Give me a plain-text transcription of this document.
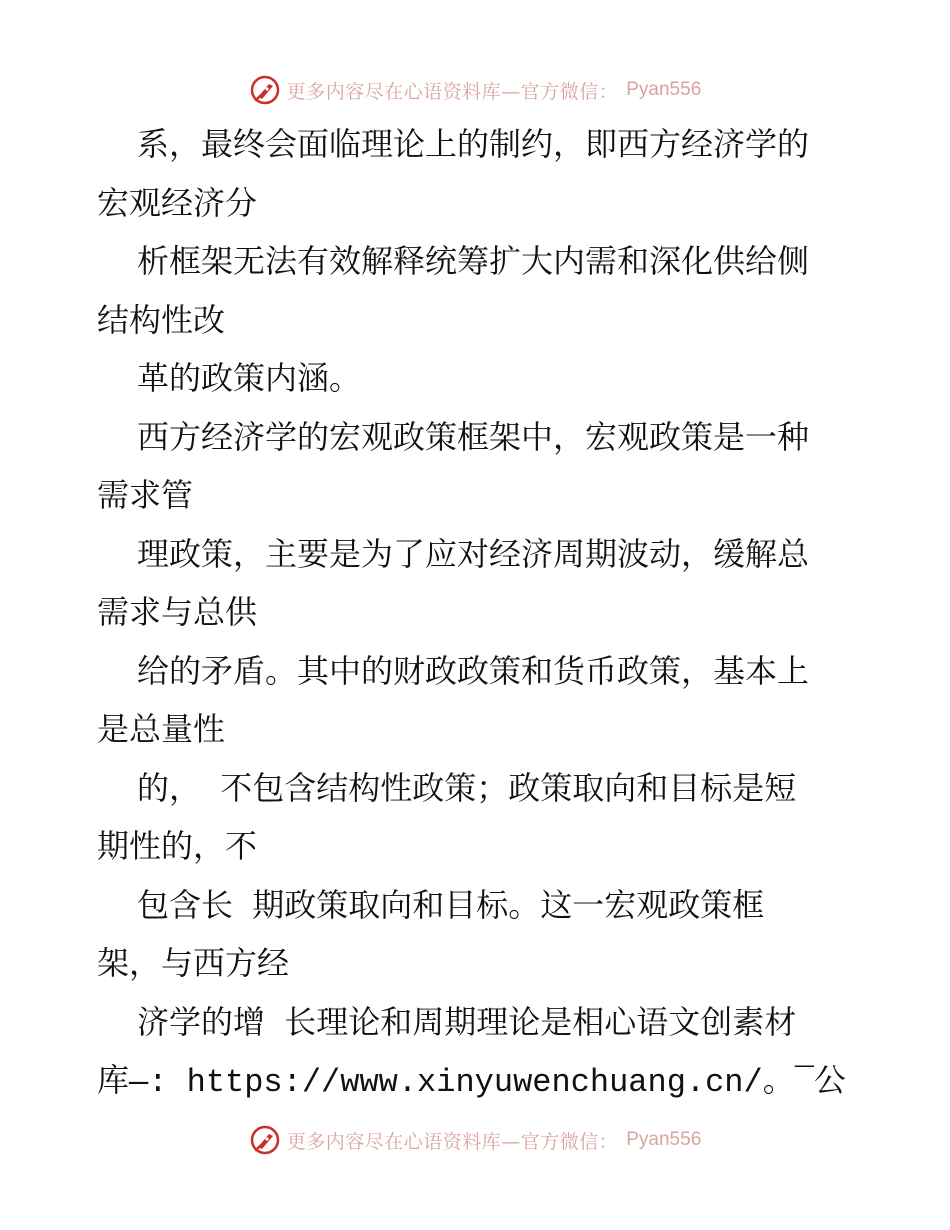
更多内容尽在心语资料库—官方微信： Pyan556
系，最终会面临理论上的制约，即西方经济学的
宏观经济分
析框架无法有效解释统筹扩大内需和深化供给侧
结构性改
革的政策内涵。
西方经济学的宏观政策框架中，宏观政策是一种
需求管
理政策，主要是为了应对经济周期波动，缓解总
需求与总供
给的矛盾。其中的财政政策和货币政策，基本上
是总量性
的， 不包含结构性政策；政策取向和目标是短
期性的，不
包含长 期政策取向和目标。这一宏观政策框
架，与西方经
济学的增 长理论和周期理论是相心语文创素材
库—: https://www.xinyuwenchuang.cn/。¯公
更多内容尽在心语资料库—官方微信： Pyan556
